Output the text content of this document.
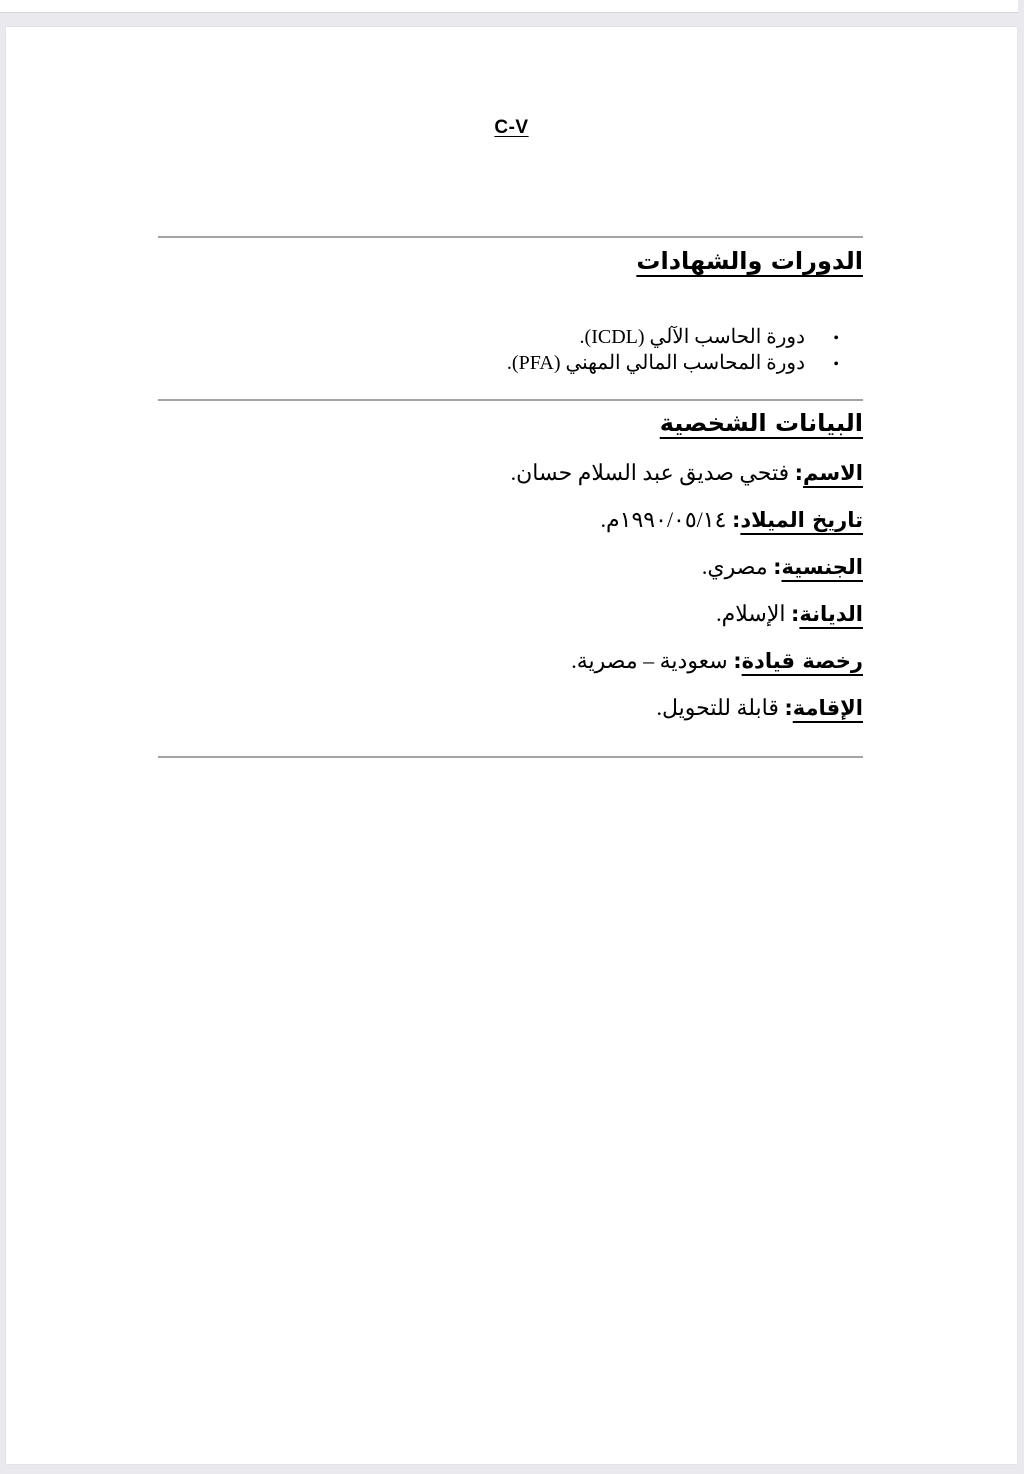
C-V
الدورات والشهادات
• دورة الحاسب الآلي (ICDL).
• دورة المحاسب المالي المهني (PFA).
البيانات الشخصية
الاسم: فتحي صديق عبد السلام حسان.
تاريخ الميلاد: ١٩٩٠/٠٥/١٤م.
الجنسية: مصري.
الديانة: الإسلام.
رخصة قيادة: سعودية – مصرية.
الإقامة: قابلة للتحويل.
